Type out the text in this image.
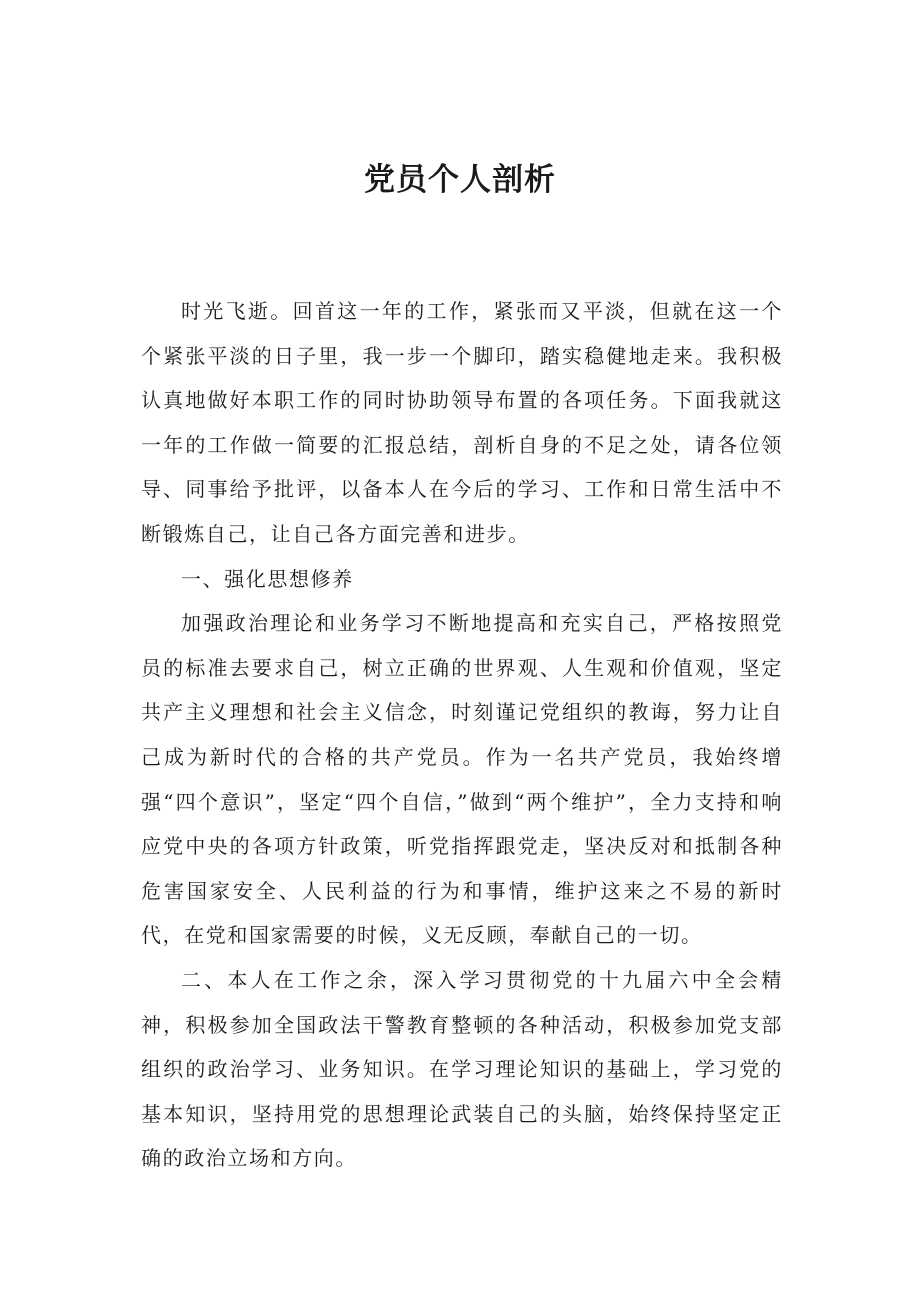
党员个人剖析

时光飞逝。回首这一年的工作，紧张而又平淡，但就在这一个个紧张平淡的日子里，我一步一个脚印，踏实稳健地走来。我积极认真地做好本职工作的同时协助领导布置的各项任务。下面我就这一年的工作做一简要的汇报总结，剖析自身的不足之处，请各位领导、同事给予批评，以备本人在今后的学习、工作和日常生活中不断锻炼自己，让自己各方面完善和进步。

一、强化思想修养

加强政治理论和业务学习不断地提高和充实自己，严格按照党员的标准去要求自己，树立正确的世界观、人生观和价值观，坚定共产主义理想和社会主义信念，时刻谨记党组织的教诲，努力让自己成为新时代的合格的共产党员。作为一名共产党员，我始终增强“四个意识”，坚定“四个自信，”做到“两个维护”，全力支持和响应党中央的各项方针政策，听党指挥跟党走，坚决反对和抵制各种危害国家安全、人民利益的行为和事情，维护这来之不易的新时代，在党和国家需要的时候，义无反顾，奉献自己的一切。

二、本人在工作之余，深入学习贯彻党的十九届六中全会精神，积极参加全国政法干警教育整顿的各种活动，积极参加党支部组织的政治学习、业务知识。在学习理论知识的基础上，学习党的基本知识，坚持用党的思想理论武装自己的头脑，始终保持坚定正确的政治立场和方向。
